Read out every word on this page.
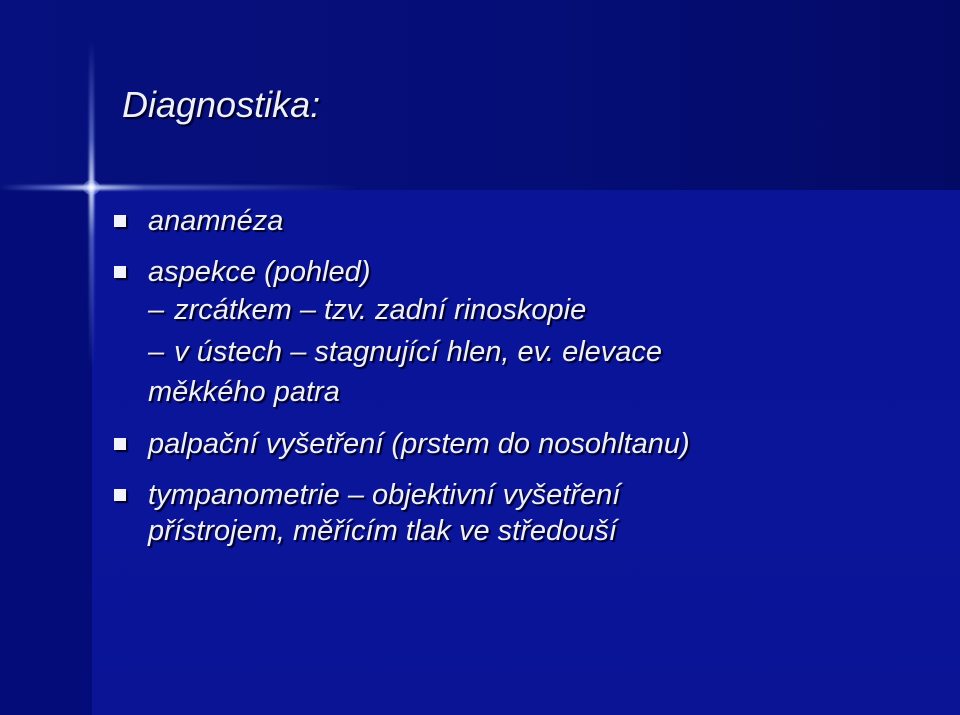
Diagnostika:
anamnéza
aspekce (pohled)
– zrcátkem – tzv. zadní rinoskopie
– v ústech – stagnující hlen, ev. elevace
měkkého patra
palpační vyšetření (prstem do nosohltanu)
tympanometrie – objektivní vyšetření
přístrojem, měřícím tlak ve středouší
